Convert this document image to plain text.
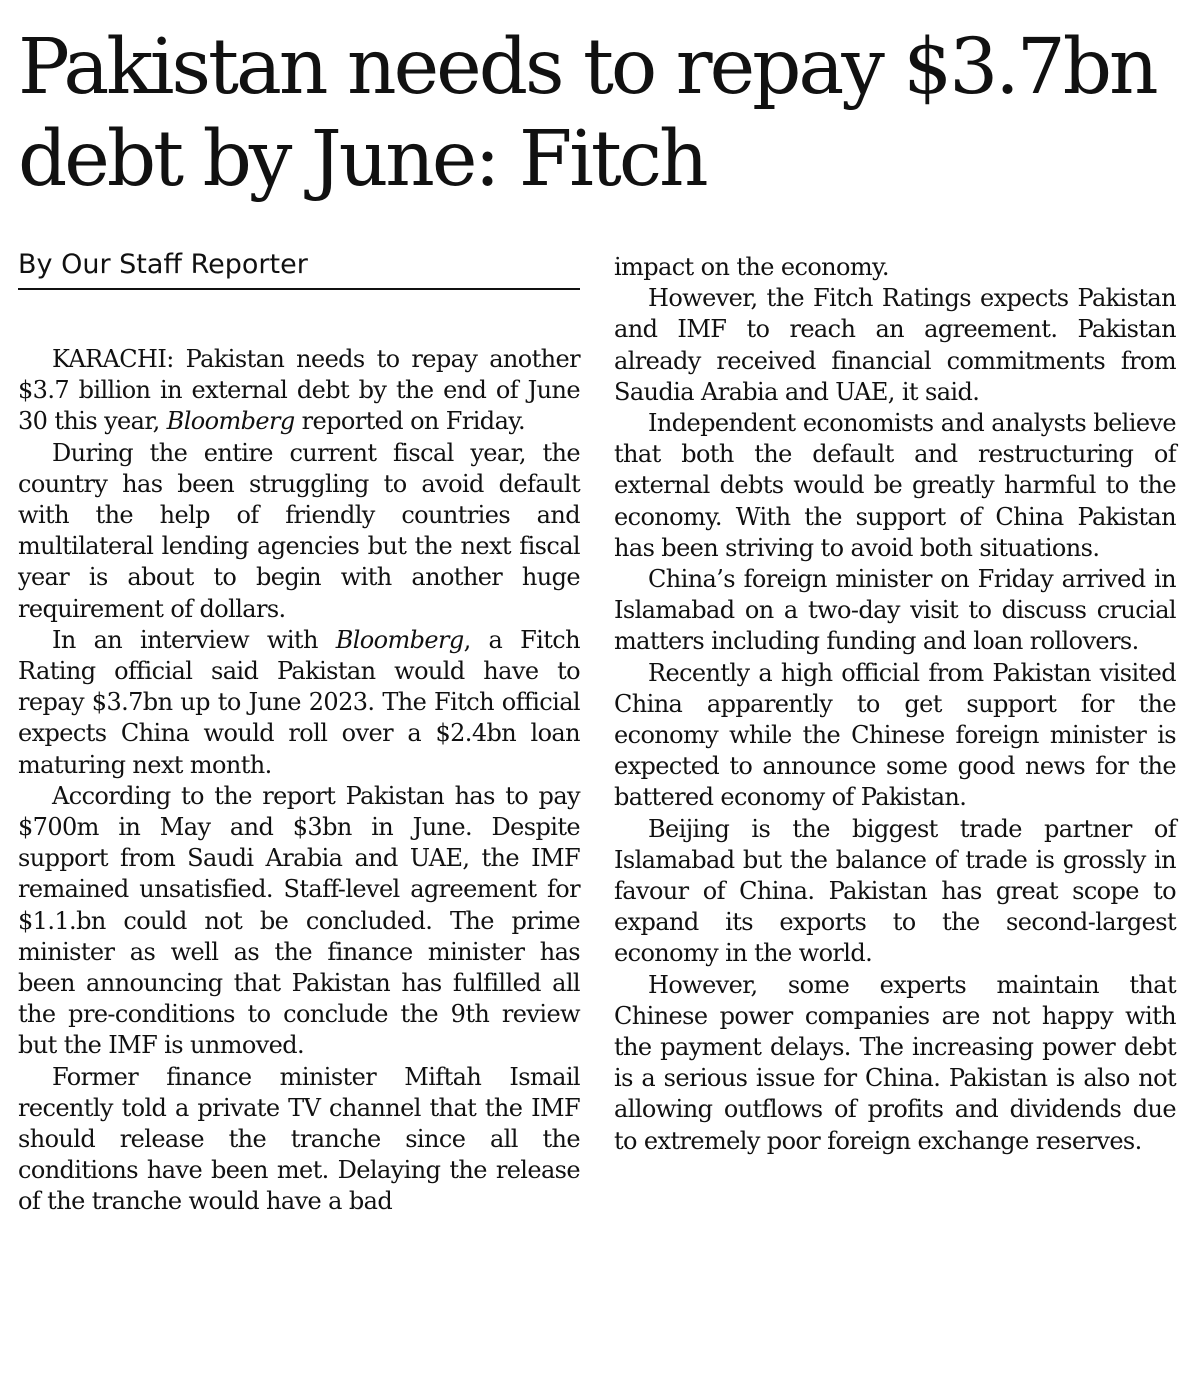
Pakistan needs to repay $3.7bn debt by June: Fitch
By Our Staff Reporter

KARACHI: Pakistan needs to repay another $3.7 billion in external debt by the end of June 30 this year, Bloomberg reported on Friday.

During the entire current fiscal year, the country has been struggling to avoid default with the help of friendly countries and multilateral lending agencies but the next fiscal year is about to begin with another huge requirement of dollars.

In an interview with Bloomberg, a Fitch Rating official said Pakistan would have to repay $3.7bn up to June 2023. The Fitch official expects China would roll over a $2.4bn loan maturing next month.

According to the report Pakistan has to pay $700m in May and $3bn in June. Despite support from Saudi Arabia and UAE, the IMF remained unsatisfied. Staff-level agreement for $1.1.bn could not be concluded. The prime minister as well as the finance minister has been announcing that Pakistan has fulfilled all the pre-conditions to conclude the 9th review but the IMF is unmoved.

Former finance minister Miftah Ismail recently told a private TV channel that the IMF should release the tranche since all the conditions have been met. Delaying the release of the tranche would have a bad

impact on the economy.

However, the Fitch Ratings expects Pakistan and IMF to reach an agreement. Pakistan already received financial commitments from Saudia Arabia and UAE, it said.

Independent economists and analysts believe that both the default and restructuring of external debts would be greatly harmful to the economy. With the support of China Pakistan has been striving to avoid both situations.

China’s foreign minister on Friday arrived in Islamabad on a two-day visit to discuss crucial matters including funding and loan rollovers.

Recently a high official from Pakistan visited China apparently to get support for the economy while the Chinese foreign minister is expected to announce some good news for the battered economy of Pakistan.

Beijing is the biggest trade partner of Islamabad but the balance of trade is grossly in favour of China. Pakistan has great scope to expand its exports to the second-largest economy in the world.

However, some experts maintain that Chinese power companies are not happy with the payment delays. The increasing power debt is a serious issue for China. Pakistan is also not allowing outflows of profits and dividends due to extremely poor foreign exchange reserves.
